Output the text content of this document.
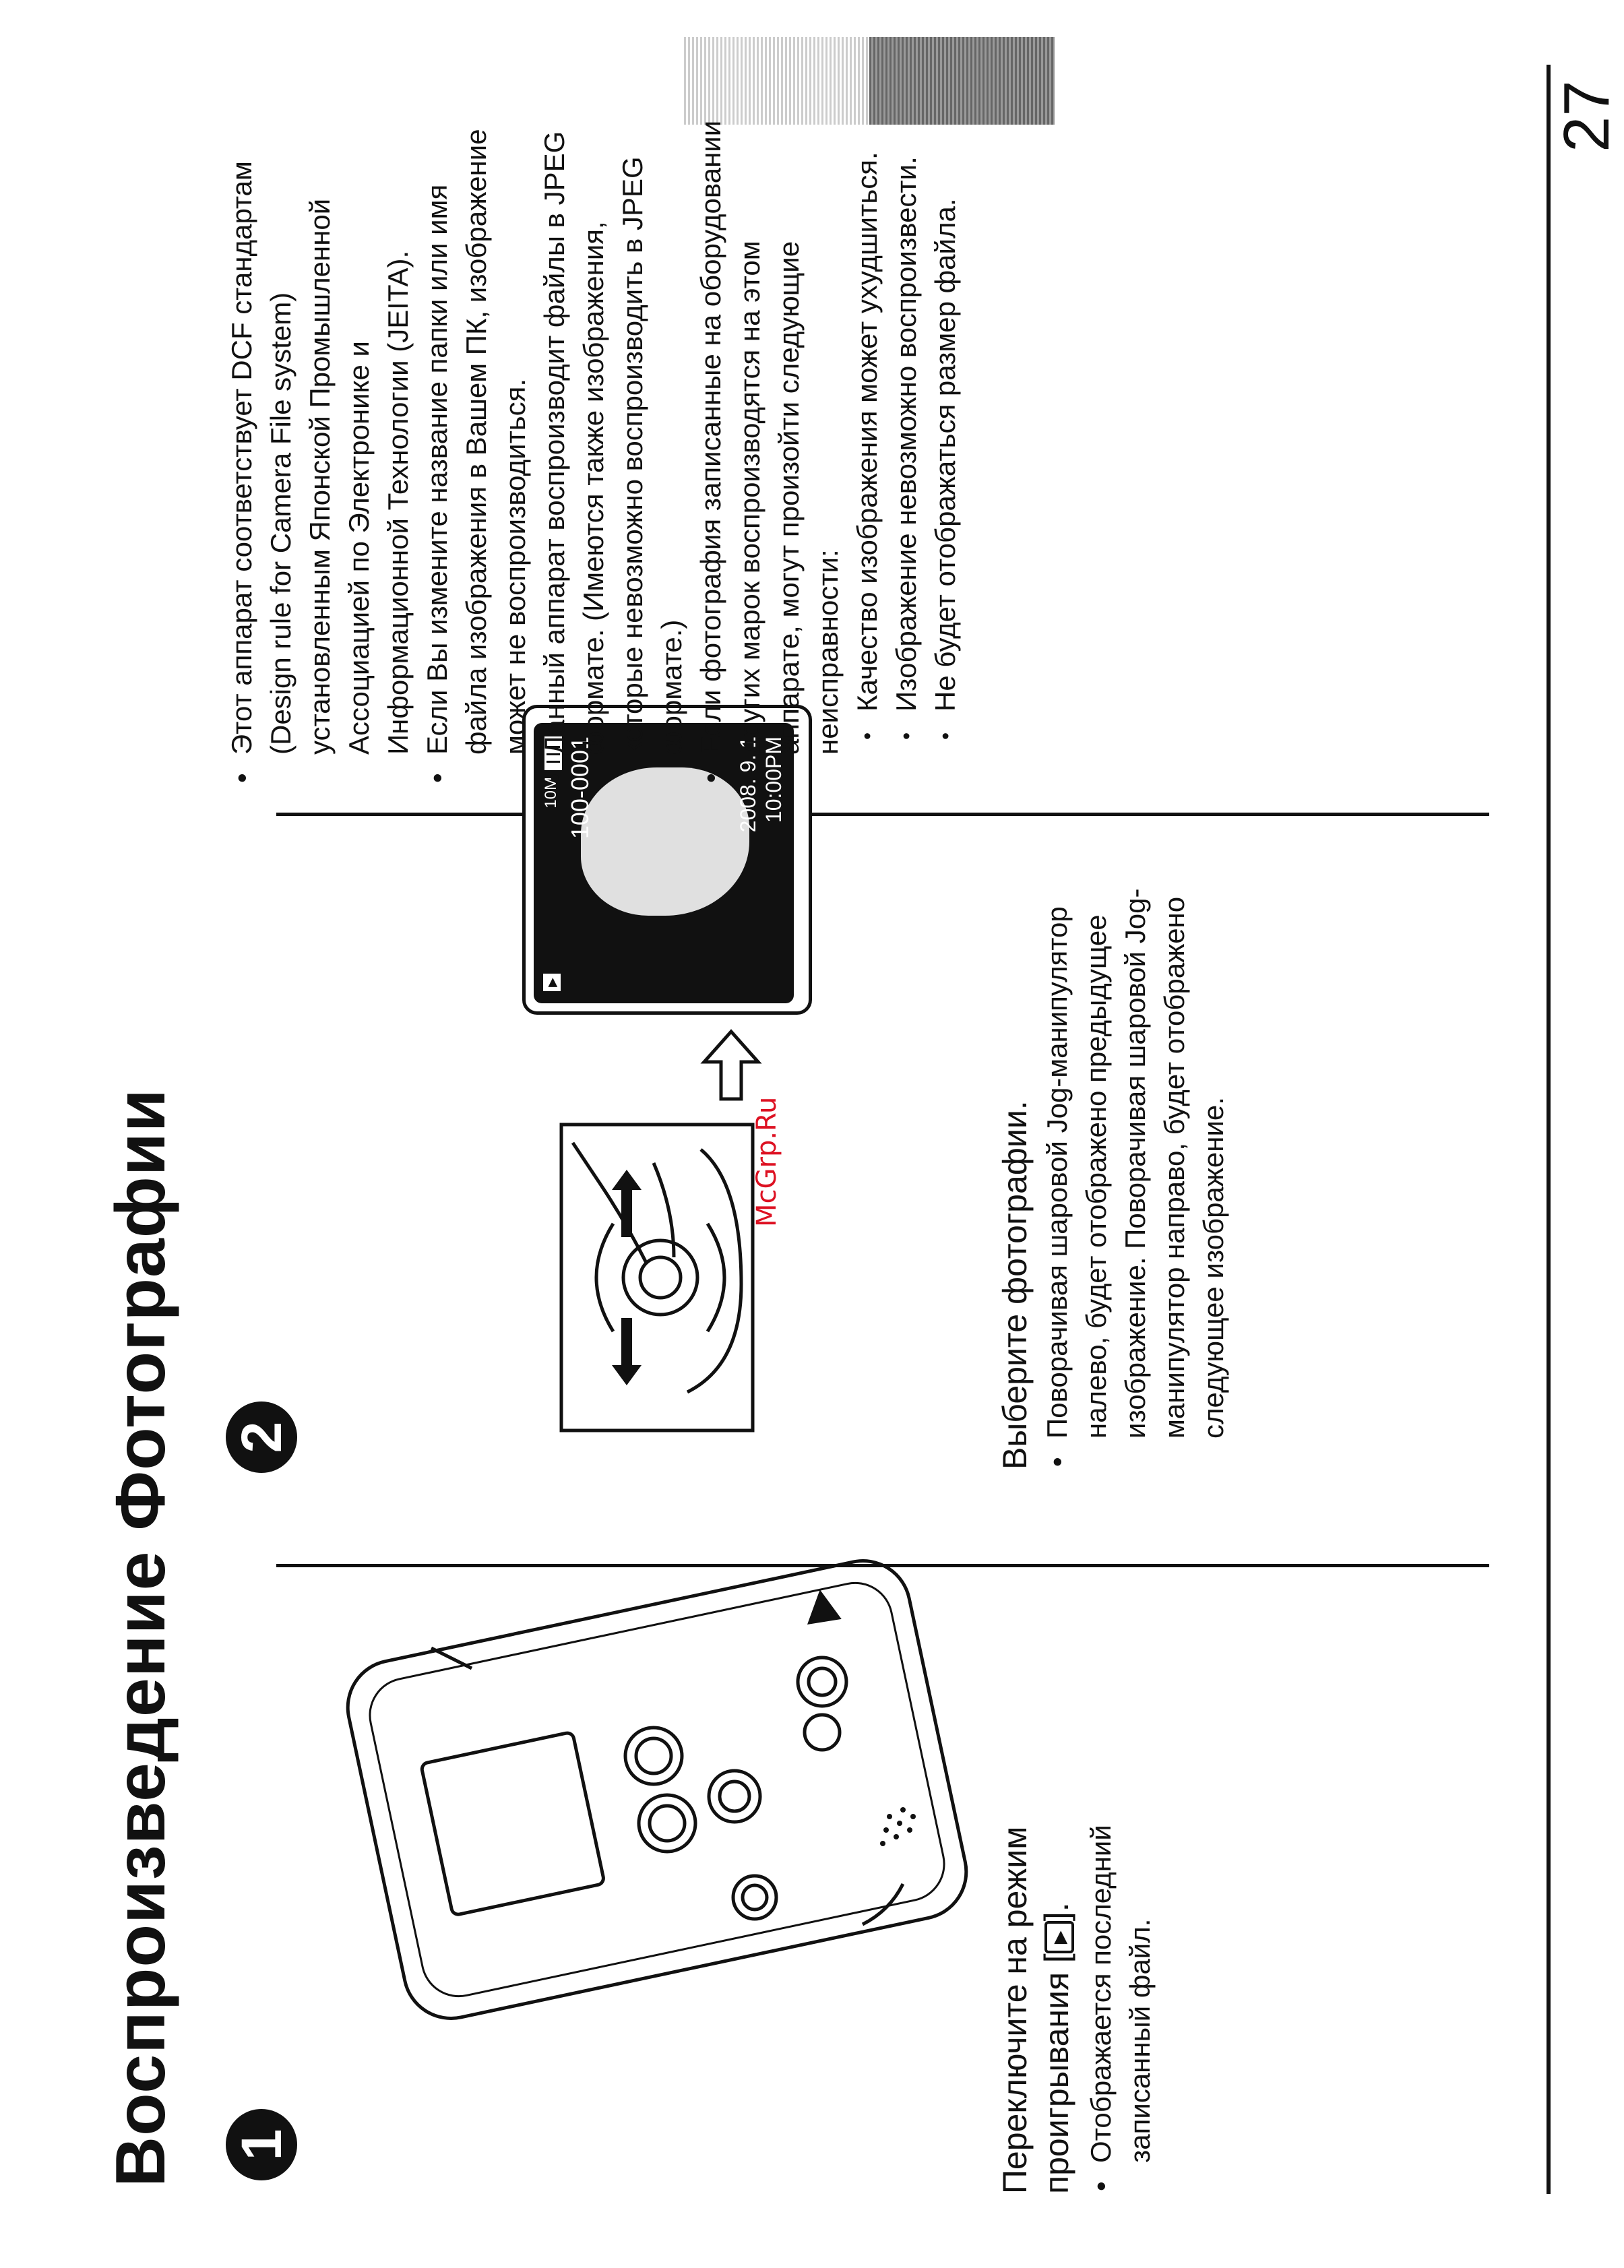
Воспроизведение Фотографии 1	Переключите на режим проигрывания [▶]. • Отображается последний записанный файл.
2
▶
10M 100-0001	2008. 9. 1 10:00PM
McGrp.Ru	Выберите фотографии. • Поворачивая шаровой Jog-манипулятор налево, будет отображено предыдущее изображение. Поворачивая шаровой Jog-манипулятор направо, будет отображено следующее изображение.
• Этот аппарат соответствует DCF стандартам (Design rule for Camera File system) установленным Японской Промышленной Ассоциацией по Электронике и Информационной Технологии (JEITA). • Если Вы измените название папки или имя файла изображения в Вашем ПК, изображение может не воспроизводиться. • Данный аппарат воспроизводит файлы в JPEG формате. (Имеются также изображения, которые невозможно воспроизводить в JPEG формате.) • Если фотография записанные на оборудовании других марок воспроизводятся на этом аппарате, могут произойти следующие неисправности: • Качество изображения может ухудшиться. • Изображение невозможно воспроизвести. • Не будет отображаться размер файла.
27
